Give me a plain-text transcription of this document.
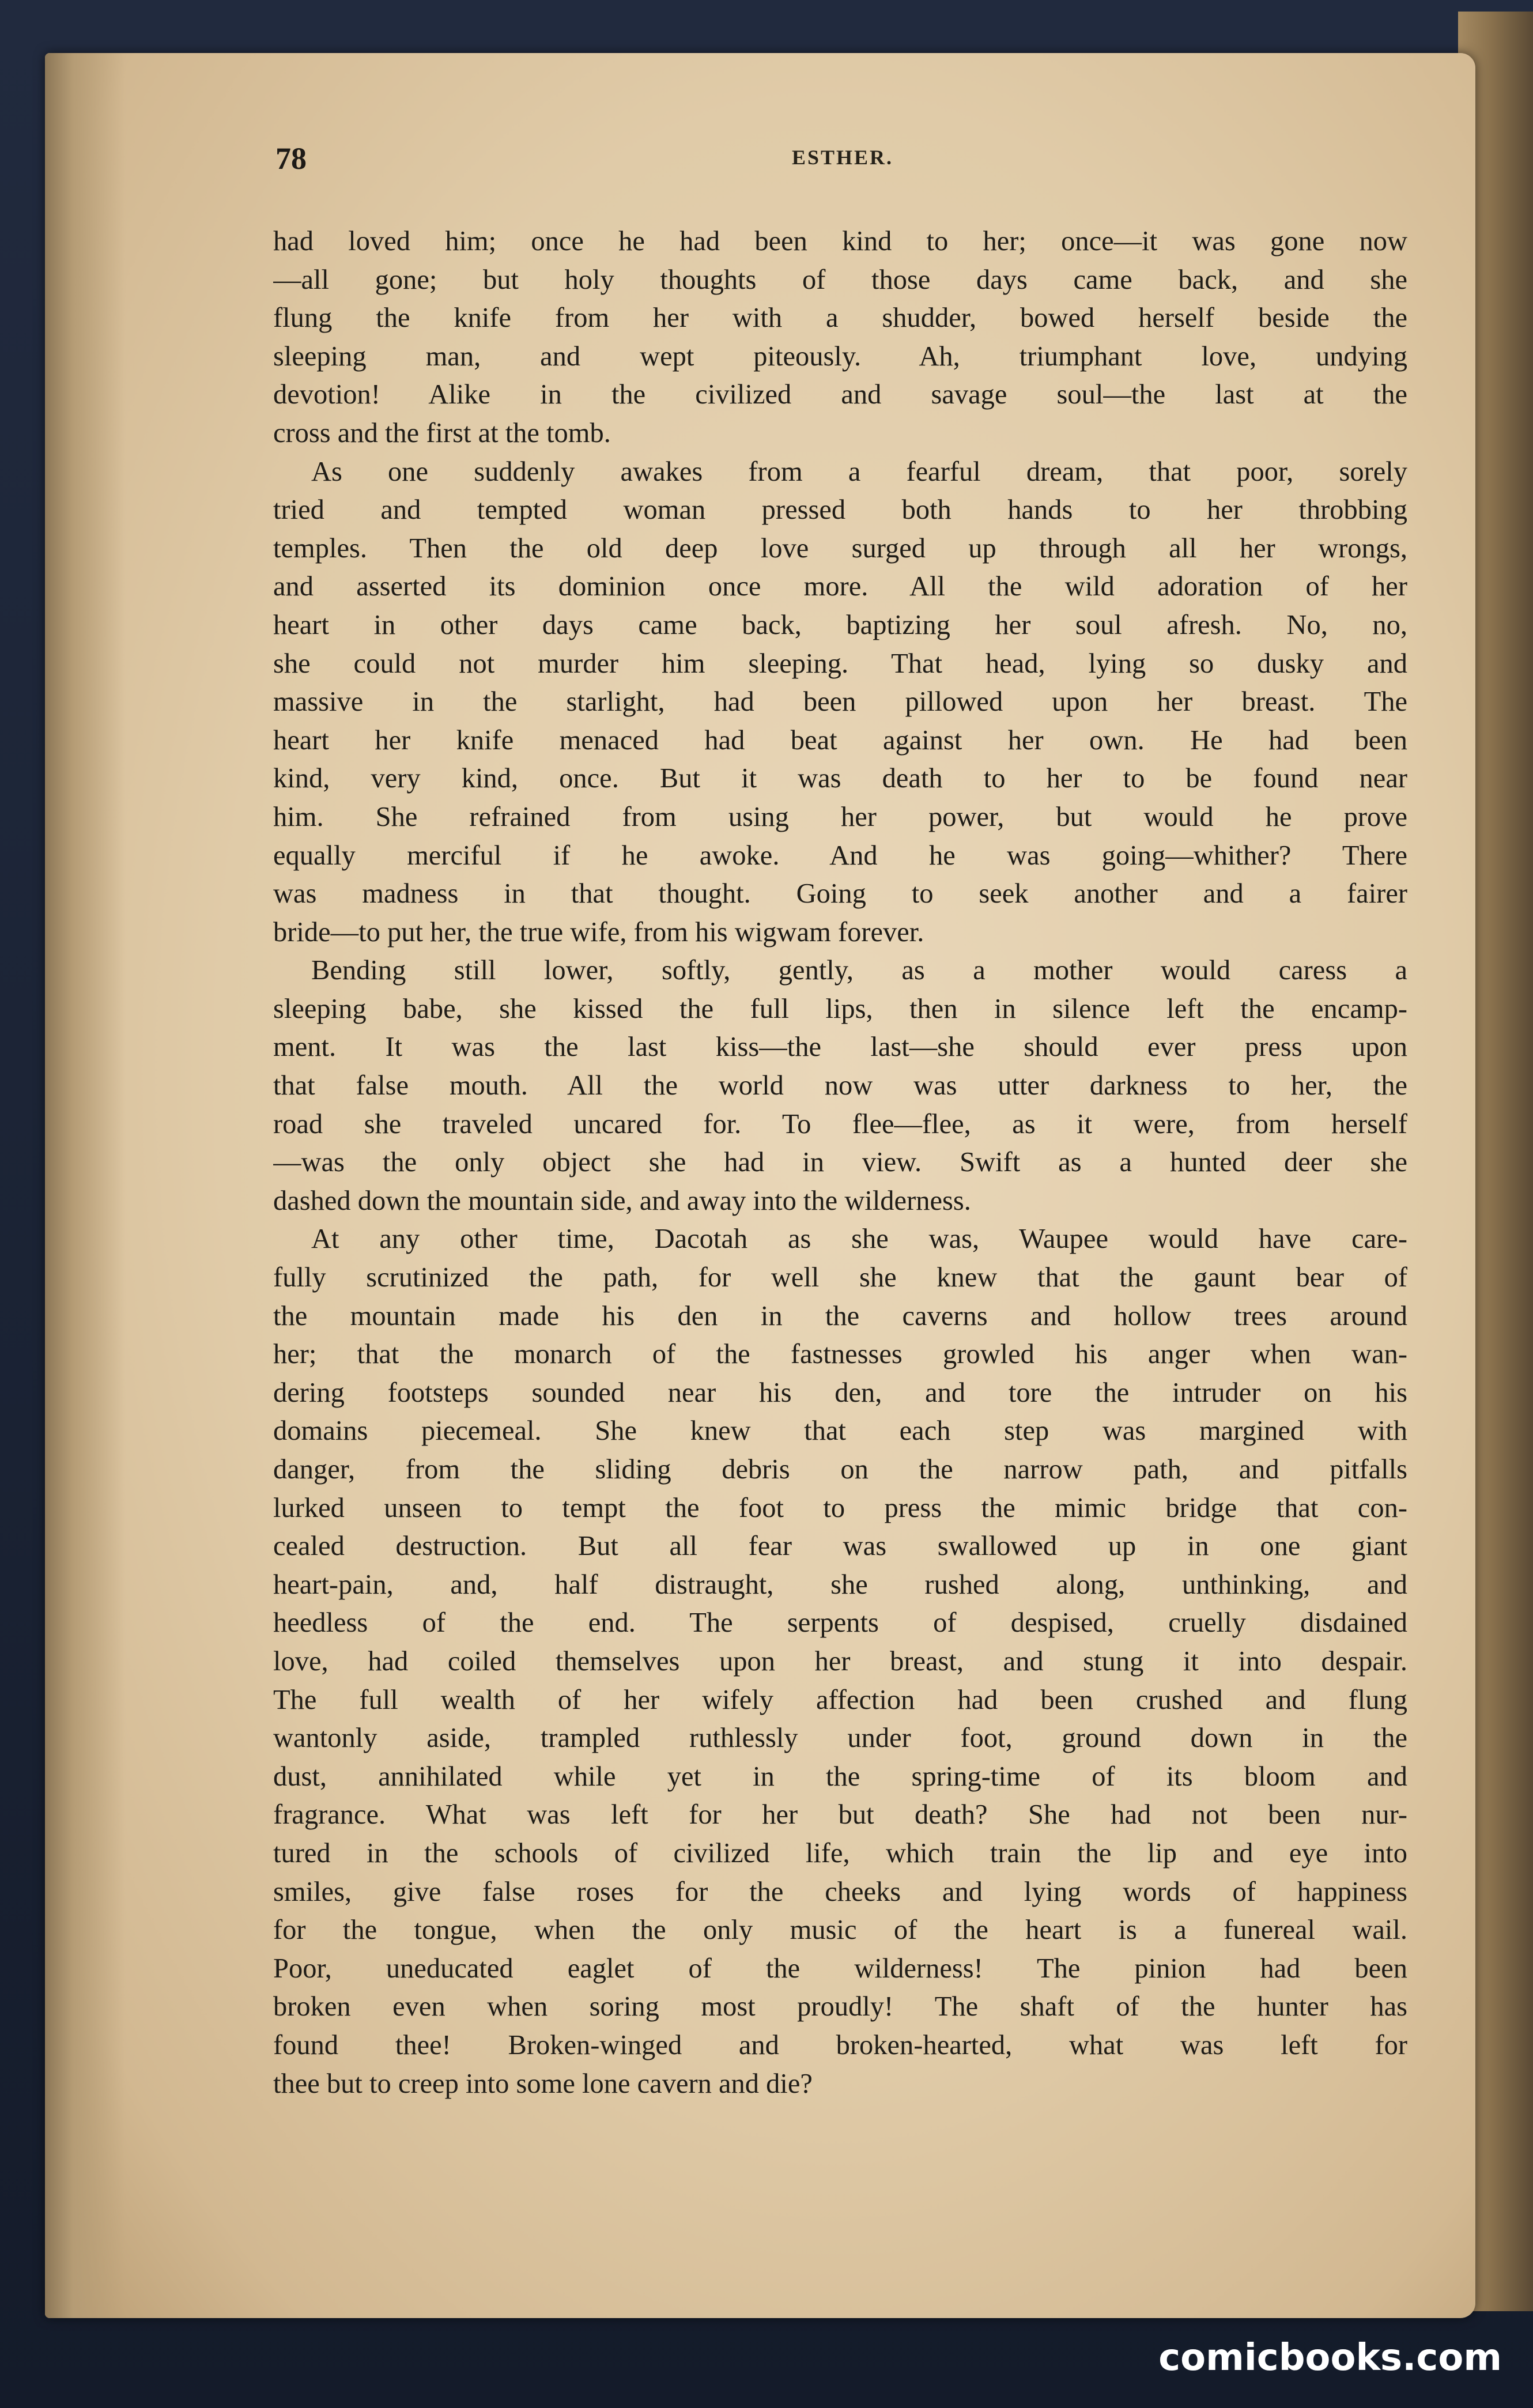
78	ESTHER.
had loved him; once he had been kind to her; once—it was gone now
—all gone; but holy thoughts of those days came back, and she
flung the knife from her with a shudder, bowed herself beside the
sleeping man, and wept piteously. Ah, triumphant love, undying
devotion! Alike in the civilized and savage soul—the last at the
cross and the first at the tomb.
As one suddenly awakes from a fearful dream, that poor, sorely
tried and tempted woman pressed both hands to her throbbing
temples. Then the old deep love surged up through all her wrongs,
and asserted its dominion once more. All the wild adoration of her
heart in other days came back, baptizing her soul afresh. No, no,
she could not murder him sleeping. That head, lying so dusky and
massive in the starlight, had been pillowed upon her breast. The
heart her knife menaced had beat against her own. He had been
kind, very kind, once. But it was death to her to be found near
him. She refrained from using her power, but would he prove
equally merciful if he awoke. And he was going—whither? There
was madness in that thought. Going to seek another and a fairer
bride—to put her, the true wife, from his wigwam forever.
Bending still lower, softly, gently, as a mother would caress a
sleeping babe, she kissed the full lips, then in silence left the encamp-
ment. It was the last kiss—the last—she should ever press upon
that false mouth. All the world now was utter darkness to her, the
road she traveled uncared for. To flee—flee, as it were, from herself
—was the only object she had in view. Swift as a hunted deer she
dashed down the mountain side, and away into the wilderness.
At any other time, Dacotah as she was, Waupee would have care-
fully scrutinized the path, for well she knew that the gaunt bear of
the mountain made his den in the caverns and hollow trees around
her; that the monarch of the fastnesses growled his anger when wan-
dering footsteps sounded near his den, and tore the intruder on his
domains piecemeal. She knew that each step was margined with
danger, from the sliding debris on the narrow path, and pitfalls
lurked unseen to tempt the foot to press the mimic bridge that con-
cealed destruction. But all fear was swallowed up in one giant
heart-pain, and, half distraught, she rushed along, unthinking, and
heedless of the end. The serpents of despised, cruelly disdained
love, had coiled themselves upon her breast, and stung it into despair.
The full wealth of her wifely affection had been crushed and flung
wantonly aside, trampled ruthlessly under foot, ground down in the
dust, annihilated while yet in the spring-time of its bloom and
fragrance. What was left for her but death? She had not been nur-
tured in the schools of civilized life, which train the lip and eye into
smiles, give false roses for the cheeks and lying words of happiness
for the tongue, when the only music of the heart is a funereal wail.
Poor, uneducated eaglet of the wilderness! The pinion had been
broken even when soring most proudly! The shaft of the hunter has
found thee! Broken-winged and broken-hearted, what was left for
thee but to creep into some lone cavern and die?
comicbooks.com
